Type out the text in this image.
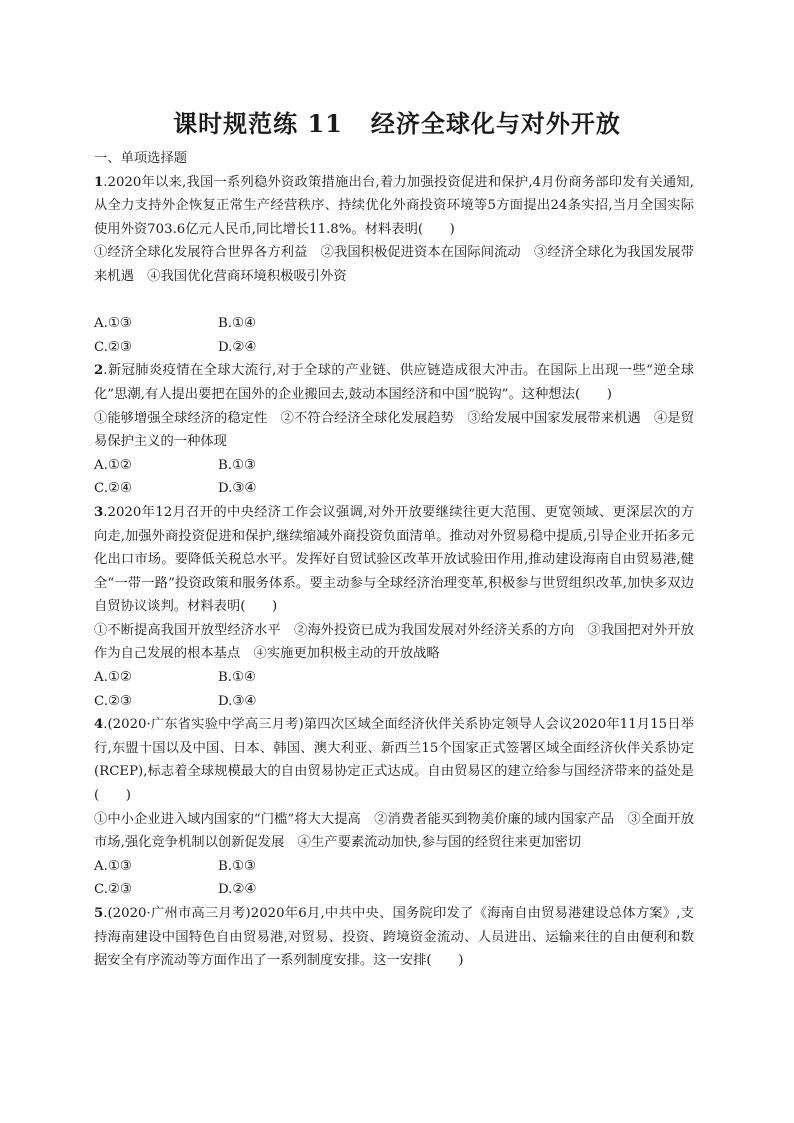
课时规范练 11 经济全球化与对外开放

一、单项选择题

1.2020年以来,我国一系列稳外资政策措施出台,着力加强投资促进和保护,4月份商务部印发有关通知,从全力支持外企恢复正常生产经营秩序、持续优化外商投资环境等5方面提出24条实招,当月全国实际使用外资703.6亿元人民币,同比增长11.8%。材料表明(　　)

①经济全球化发展符合世界各方利益　②我国积极促进资本在国际间流动　③经济全球化为我国发展带来机遇　④我国优化营商环境积极吸引外资

A.①③	B.①④
C.②③	D.②④

2.新冠肺炎疫情在全球大流行,对于全球的产业链、供应链造成很大冲击。在国际上出现一些“逆全球化”思潮,有人提出要把在国外的企业搬回去,鼓动本国经济和中国“脱钩”。这种想法(　　)

①能够增强全球经济的稳定性　②不符合经济全球化发展趋势　③给发展中国家发展带来机遇　④是贸易保护主义的一种体现

A.①②	B.①③
C.②④	D.③④

3.2020年12月召开的中央经济工作会议强调,对外开放要继续往更大范围、更宽领域、更深层次的方向走,加强外商投资促进和保护,继续缩减外商投资负面清单。推动对外贸易稳中提质,引导企业开拓多元化出口市场。要降低关税总水平。发挥好自贸试验区改革开放试验田作用,推动建设海南自由贸易港,健全“一带一路”投资政策和服务体系。要主动参与全球经济治理变革,积极参与世贸组织改革,加快多双边自贸协议谈判。材料表明(　　)

①不断提高我国开放型经济水平　②海外投资已成为我国发展对外经济关系的方向　③我国把对外开放作为自己发展的根本基点　④实施更加积极主动的开放战略

A.①②	B.①④
C.②③	D.③④

4.(2020·广东省实验中学高三月考)第四次区域全面经济伙伴关系协定领导人会议2020年11月15日举行,东盟十国以及中国、日本、韩国、澳大利亚、新西兰15个国家正式签署区域全面经济伙伴关系协定(RCEP),标志着全球规模最大的自由贸易协定正式达成。自由贸易区的建立给参与国经济带来的益处是(　　)

①中小企业进入域内国家的“门槛”将大大提高　②消费者能买到物美价廉的域内国家产品　③全面开放市场,强化竞争机制以创新促发展　④生产要素流动加快,参与国的经贸往来更加密切

A.①③	B.①③
C.②③	D.②④

5.(2020·广州市高三月考)2020年6月,中共中央、国务院印发了《海南自由贸易港建设总体方案》,支持海南建设中国特色自由贸易港,对贸易、投资、跨境资金流动、人员进出、运输来往的自由便利和数据安全有序流动等方面作出了一系列制度安排。这一安排(　　)
